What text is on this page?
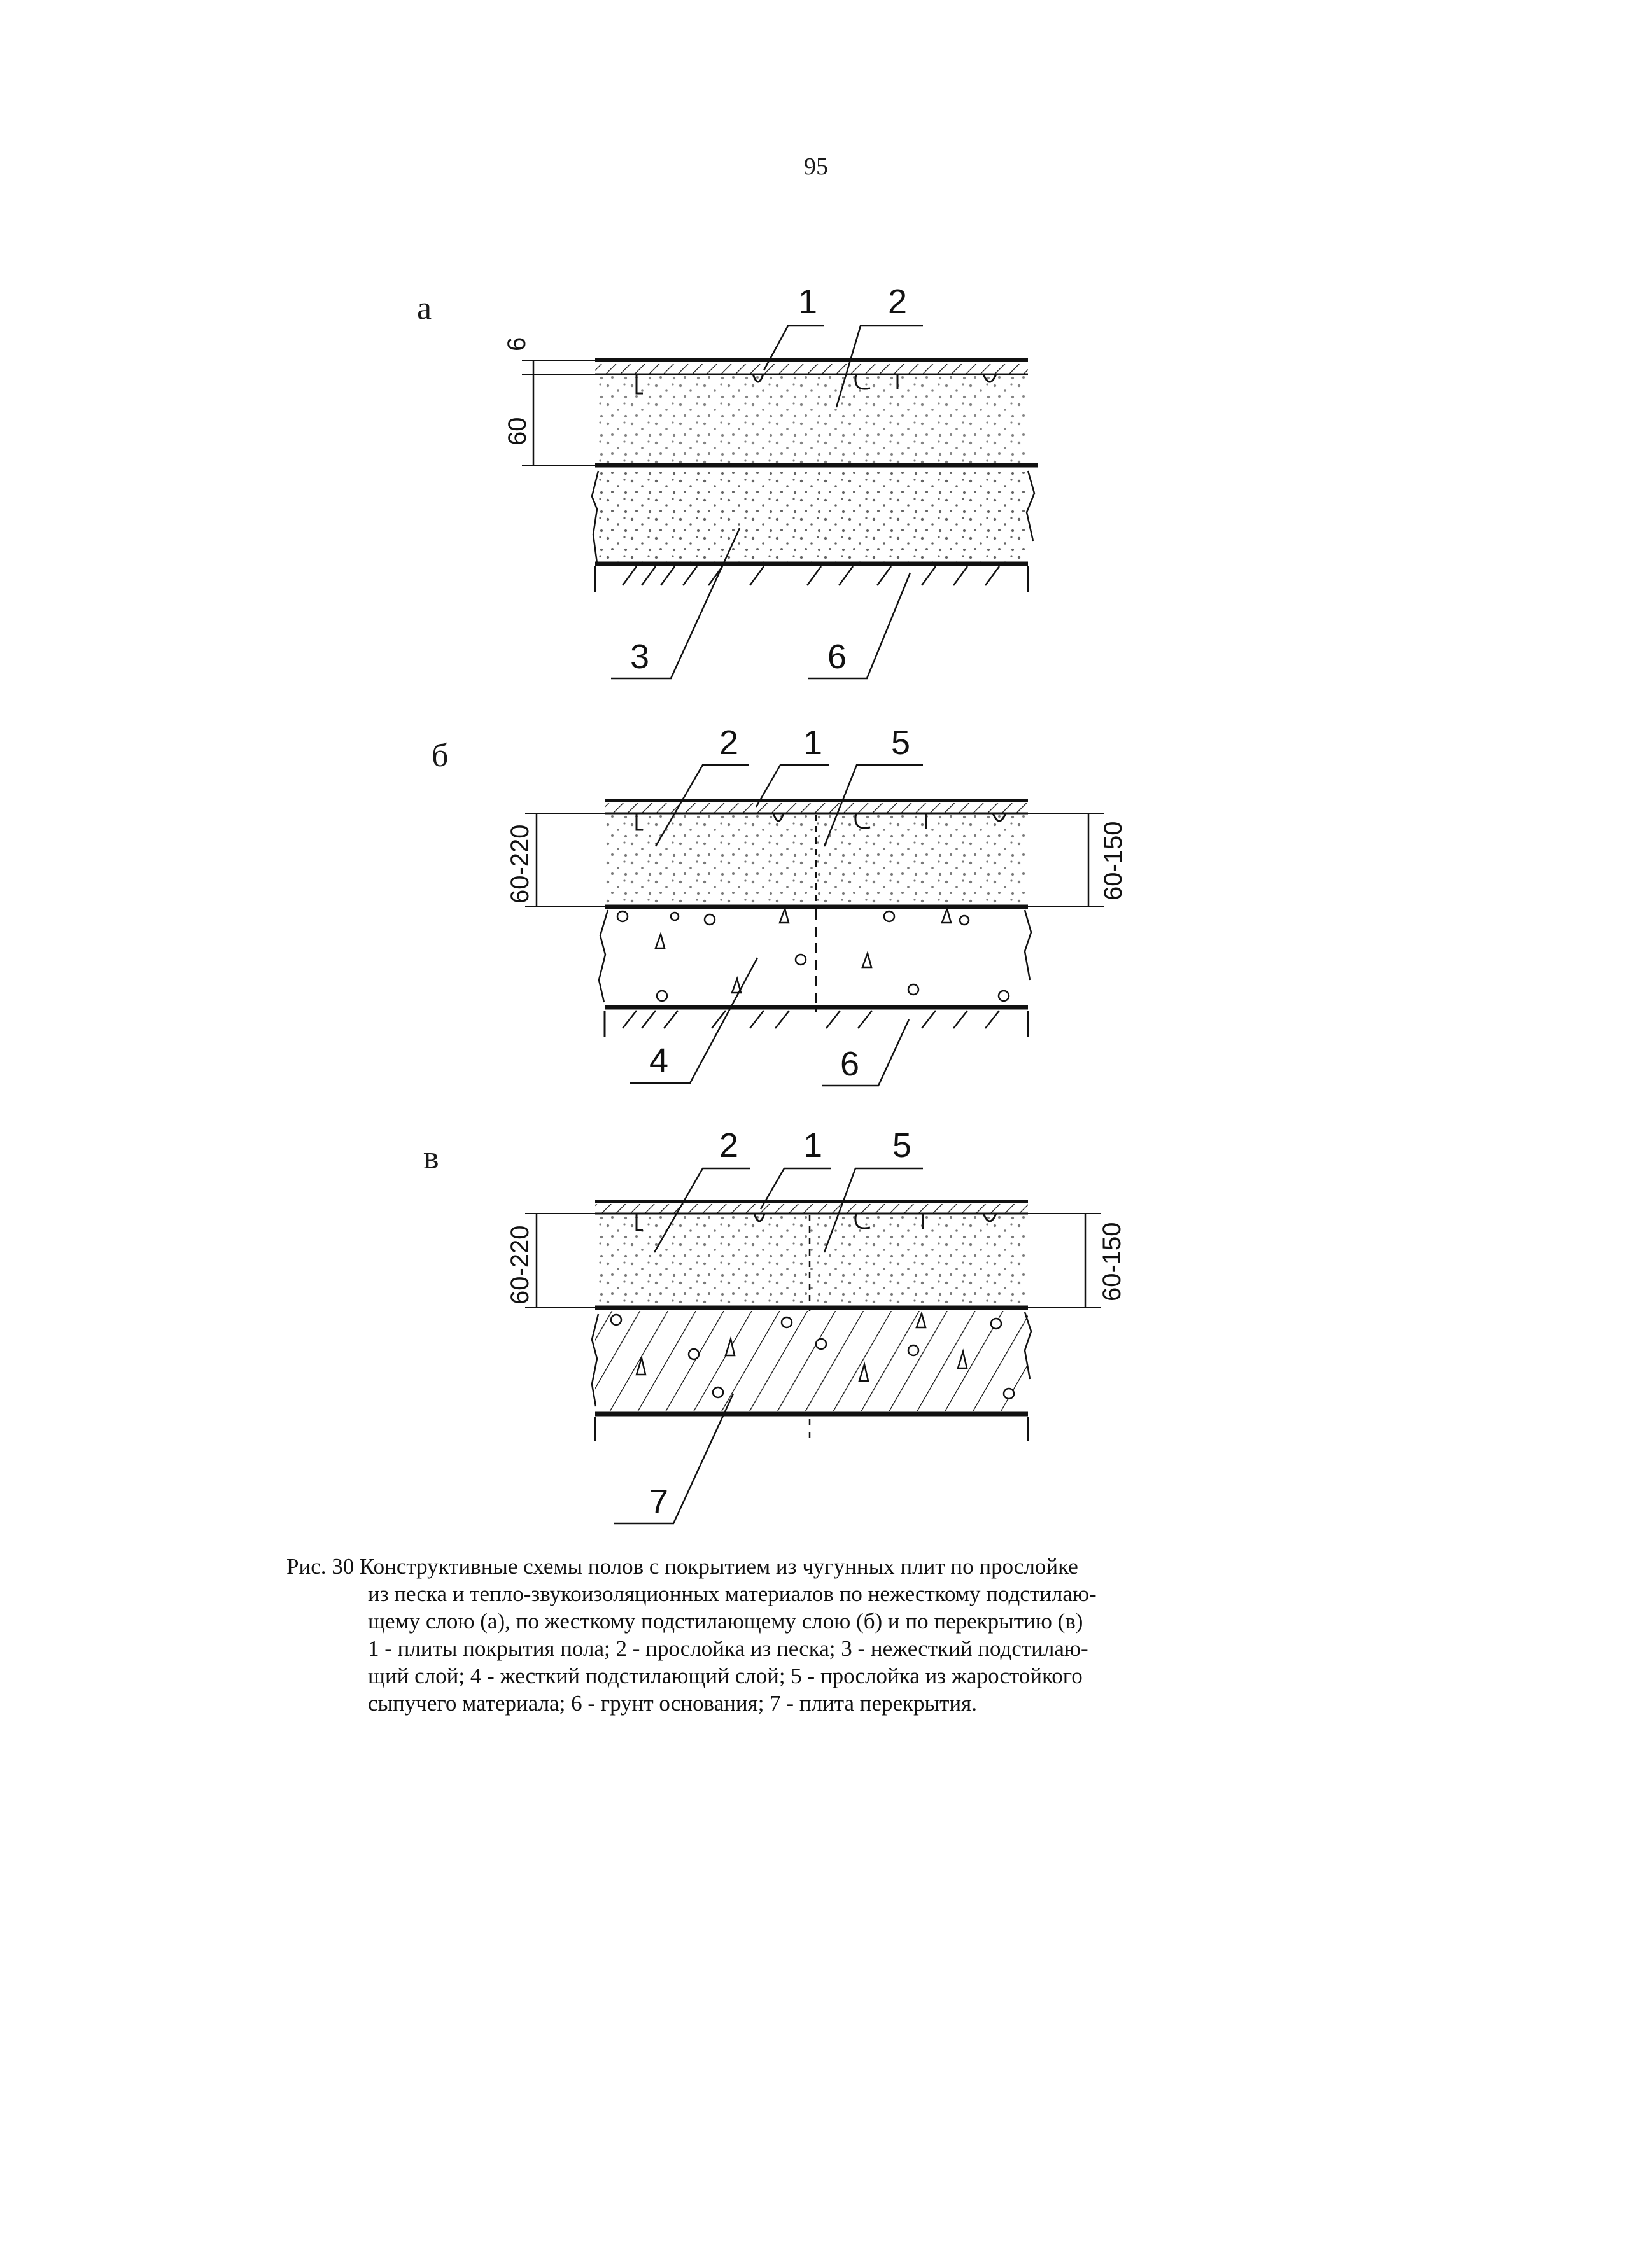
95
а
б
в
6
60
1 2
3	6
60-220	60-150
2 1 5
4	6
60-220	60-150
2 1 5
7
Рис. 30 Конструктивные схемы полов с покрытием из чугунных плит по прослойке
из песка и тепло-звукоизоляционных материалов по нежесткому подстилаю-
щему слою (а), по жесткому подстилающему слою (б) и по перекрытию (в)
1 - плиты покрытия пола; 2 - прослойка из песка; 3 - нежесткий подстилаю-
щий слой; 4 - жесткий подстилающий слой; 5 - прослойка из жаростойкого
сыпучего материала; 6 - грунт основания; 7 - плита перекрытия.
